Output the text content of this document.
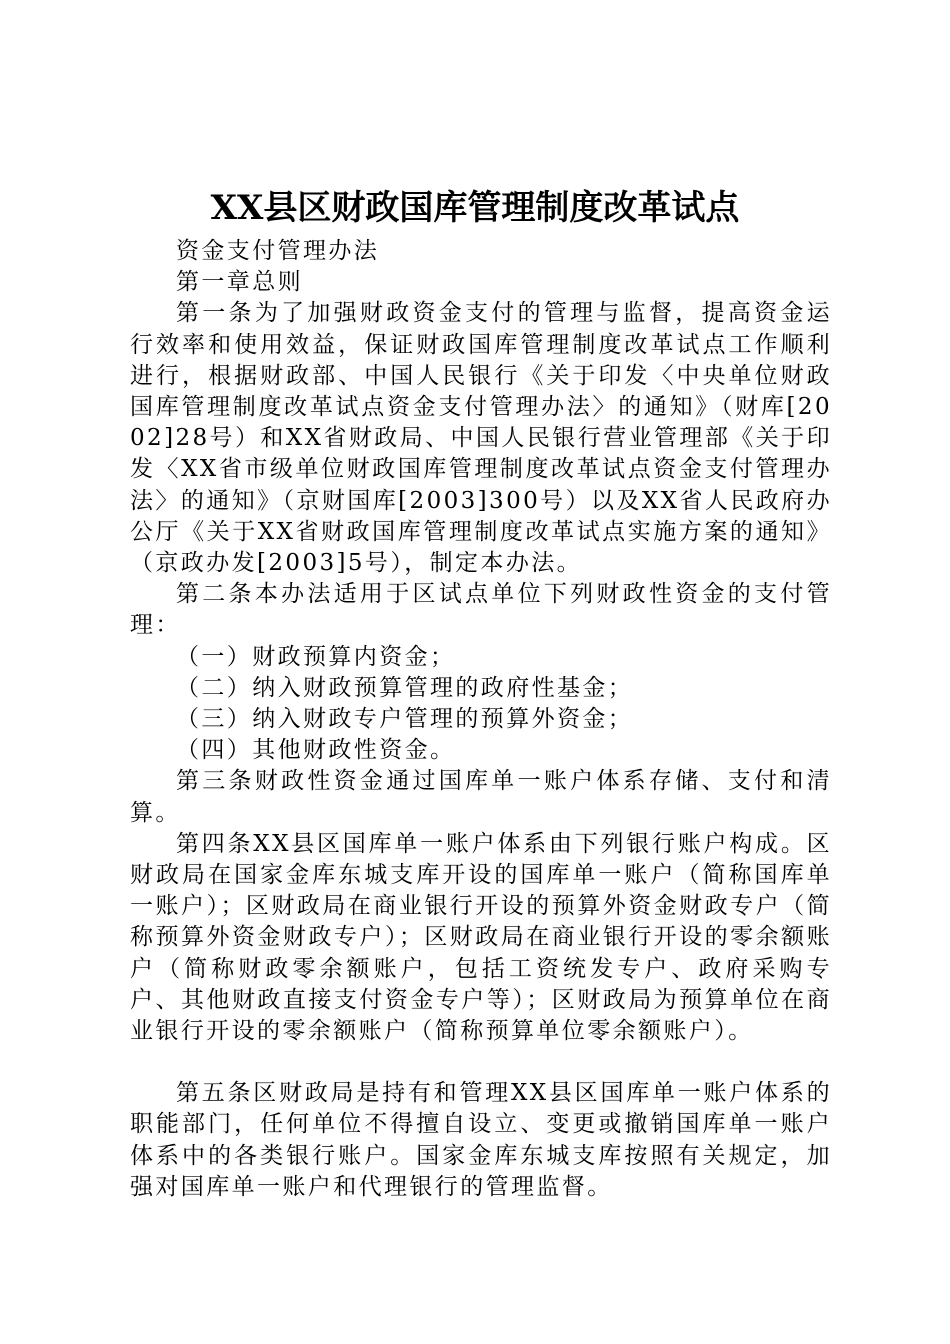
XX县区财政国库管理制度改革试点

资金支付管理办法

第一章总则

第一条为了加强财政资金支付的管理与监督，提高资金运行效率和使用效益，保证财政国库管理制度改革试点工作顺利进行，根据财政部、中国人民银行《关于印发〈中央单位财政国库管理制度改革试点资金支付管理办法〉的通知》（财库[2002]28号）和XX省财政局、中国人民银行营业管理部《关于印发〈XX省市级单位财政国库管理制度改革试点资金支付管理办法〉的通知》（京财国库[2003]300号）以及XX省人民政府办公厅《关于XX省财政国库管理制度改革试点实施方案的通知》（京政办发[2003]5号），制定本办法。

第二条本办法适用于区试点单位下列财政性资金的支付管理：

（一）财政预算内资金；

（二）纳入财政预算管理的政府性基金；

（三）纳入财政专户管理的预算外资金；

（四）其他财政性资金。

第三条财政性资金通过国库单一账户体系存储、支付和清算。

第四条XX县区国库单一账户体系由下列银行账户构成。区财政局在国家金库东城支库开设的国库单一账户（简称国库单一账户）；区财政局在商业银行开设的预算外资金财政专户（简称预算外资金财政专户）；区财政局在商业银行开设的零余额账户（简称财政零余额账户，包括工资统发专户、政府采购专户、其他财政直接支付资金专户等）；区财政局为预算单位在商业银行开设的零余额账户（简称预算单位零余额账户）。

第五条区财政局是持有和管理XX县区国库单一账户体系的职能部门，任何单位不得擅自设立、变更或撤销国库单一账户体系中的各类银行账户。国家金库东城支库按照有关规定，加强对国库单一账户和代理银行的管理监督。
